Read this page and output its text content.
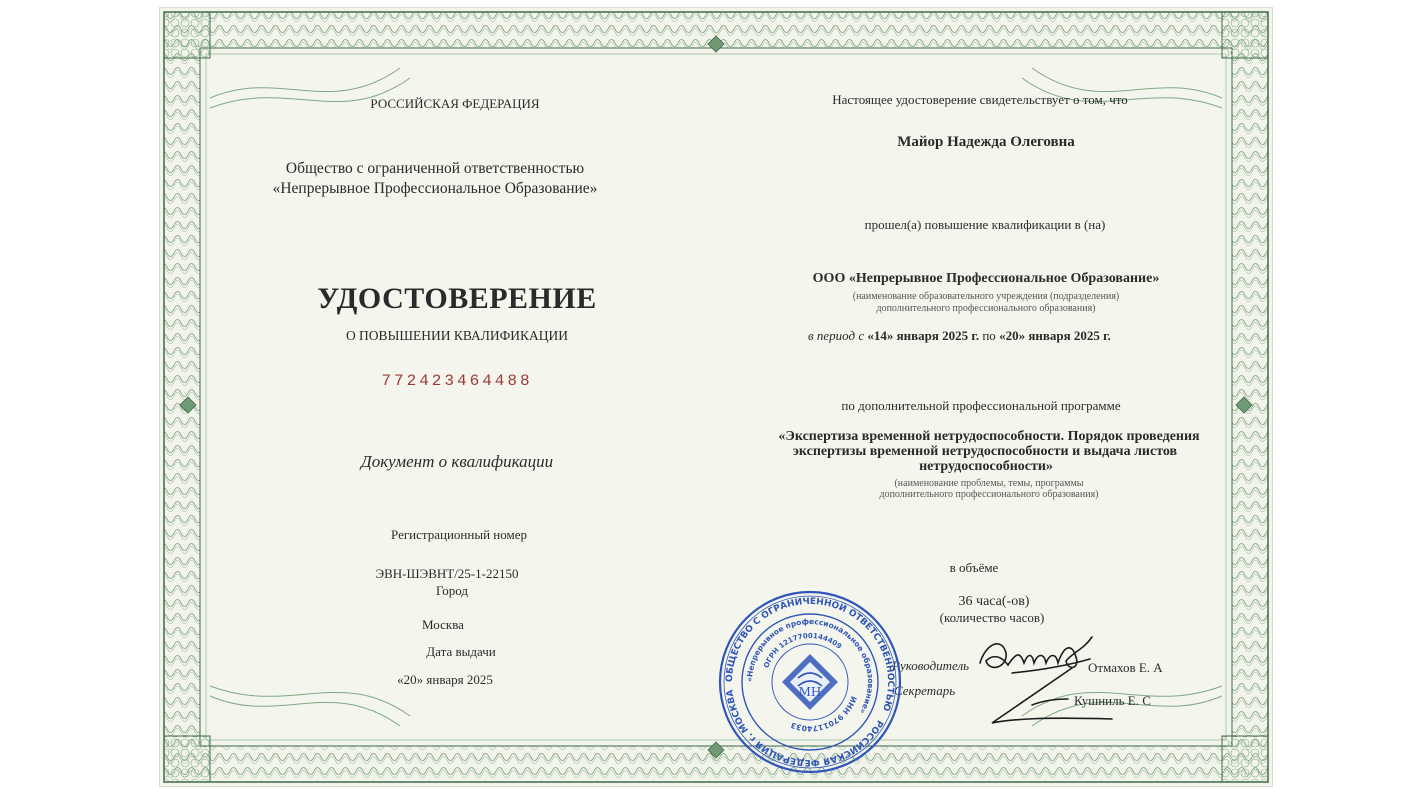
РОССИЙСКАЯ ФЕДЕРАЦИЯ
Общество с ограниченной ответственностью
«Непрерывное Профессиональное Образование»
УДОСТОВЕРЕНИЕ
О ПОВЫШЕНИИ КВАЛИФИКАЦИИ
772423464488
Документ о квалификации
Регистрационный номер
ЭВН-ШЭВНТ/25-1-22150
Город
Москва
Дата выдачи
«20» января 2025
Настоящее удостоверение свидетельствует о том, что
Майор Надежда Олеговна
прошел(а) повышение квалификации в (на)
ООО «Непрерывное Профессиональное Образование»
(наименование образовательного учреждения (подразделения)
дополнительного профессионального образования)
в период с «14» января 2025 г. по «20» января 2025 г.
по дополнительной профессиональной программе
«Экспертиза временной нетрудоспособности. Порядок проведения
экспертизы временной нетрудоспособности и выдача листов
нетрудоспособности»
(наименование проблемы, темы, программы
дополнительного профессионального образования)
в объёме
36 часа(-ов)
(количество часов)
Руководитель	Отмахов Е. А
Секретарь
Кушниль Е. С
ОБЩЕСТВО С ОГРАНИЧЕННОЙ ОТВЕТСТВЕННОСТЬЮ
РОССИЙСКАЯ ФЕДЕРАЦИЯ г. МОСКВА
«Непрерывное профессиональное образование»
ОГРН 1217700144409
ИНН 9701174033
МН
